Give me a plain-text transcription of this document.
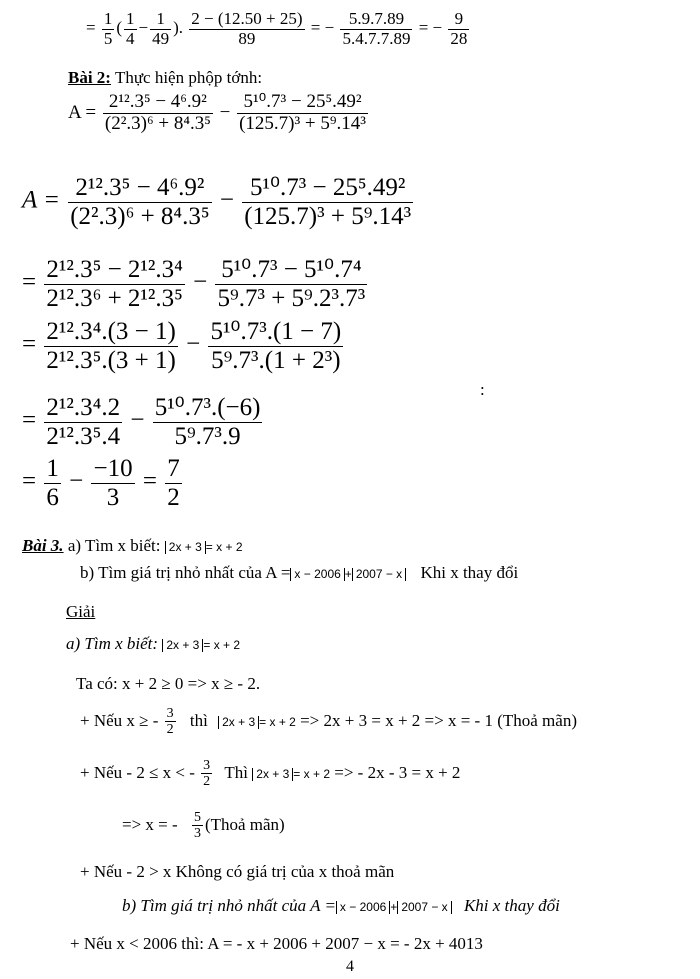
= $\frac{1}{5}$ ( $\frac{1}{4} - \frac{1}{49}$ ). $\frac{2 - (12.50 + 25)}{89}$ = − $\frac{5.9.7.89}{5.4.7.7.89}$ = − $\frac{9}{28}$
Bài 2: Thực hiện phộp tớnh:
$A = \frac{\text{2¹².3⁵ − 4⁶.9²}}{\text{(2².3)⁶ + 8⁴.3⁵}} - \frac{\text{5¹⁰.7³ − 25⁵.49²}}{\text{(125.7)³ + 5⁹.14³}}$
$A = \frac{\text{2¹².3⁵ − 4⁶.9²}}{\text{(2².3)⁶ + 8⁴.3⁵}} - \frac{\text{5¹⁰.7³ − 25⁵.49²}}{\text{(125.7)³ + 5⁹.14³}}$
= $\frac{\text{2¹².3⁵ − 2¹².3⁴}}{\text{2¹².3⁶ + 2¹².3⁵}} - \frac{\text{5¹⁰.7³ − 5¹⁰.7⁴}}{\text{5⁹.7³ + 5⁹.2³.7³}}$
= $\frac{\text{2¹².3⁴.(3 − 1)}}{\text{2¹².3⁵.(3 + 1)}} - \frac{\text{5¹⁰.7³.(1 − 7)}}{\text{5⁹.7³.(1 + 2³)}}$
:
= $\frac{\text{2¹².3⁴.2}}{\text{2¹².3⁵.4}} - \frac{\text{5¹⁰.7³.(−6)}}{\text{5⁹.7³.9}}$
= $\frac{1}{6} - \frac{-10}{3} = \frac{7}{2}$
Bài 3. a) Tìm x biết: 2x + 3 = x + 2
b) Tìm giá trị nhỏ nhất của A = x − 2006 + 2007 − x Khi x thay đổi
Giải
a) Tìm x biết: 2x + 3 = x + 2
Ta có: x + 2 ≥ 0 => x ≥ - 2.
+ Nếu x ≥ - $\frac{3}{2}$ thì 2x + 3 = x + 2 => 2x + 3 = x + 2 => x = - 1 (Thoả mãn)
+ Nếu - 2 ≤ x < - $\frac{3}{2}$ Thì 2x + 3 = x + 2 => - 2x - 3 = x + 2
=> x = - $\frac{5}{3}$ (Thoả mãn)
+ Nếu - 2 > x Không có giá trị của x thoả mãn
b) Tìm giá trị nhỏ nhất của A = x − 2006 + 2007 − x Khi x thay đổi
+ Nếu x < 2006 thì: A = - x + 2006 + 2007 − x = - 2x + 4013
4
